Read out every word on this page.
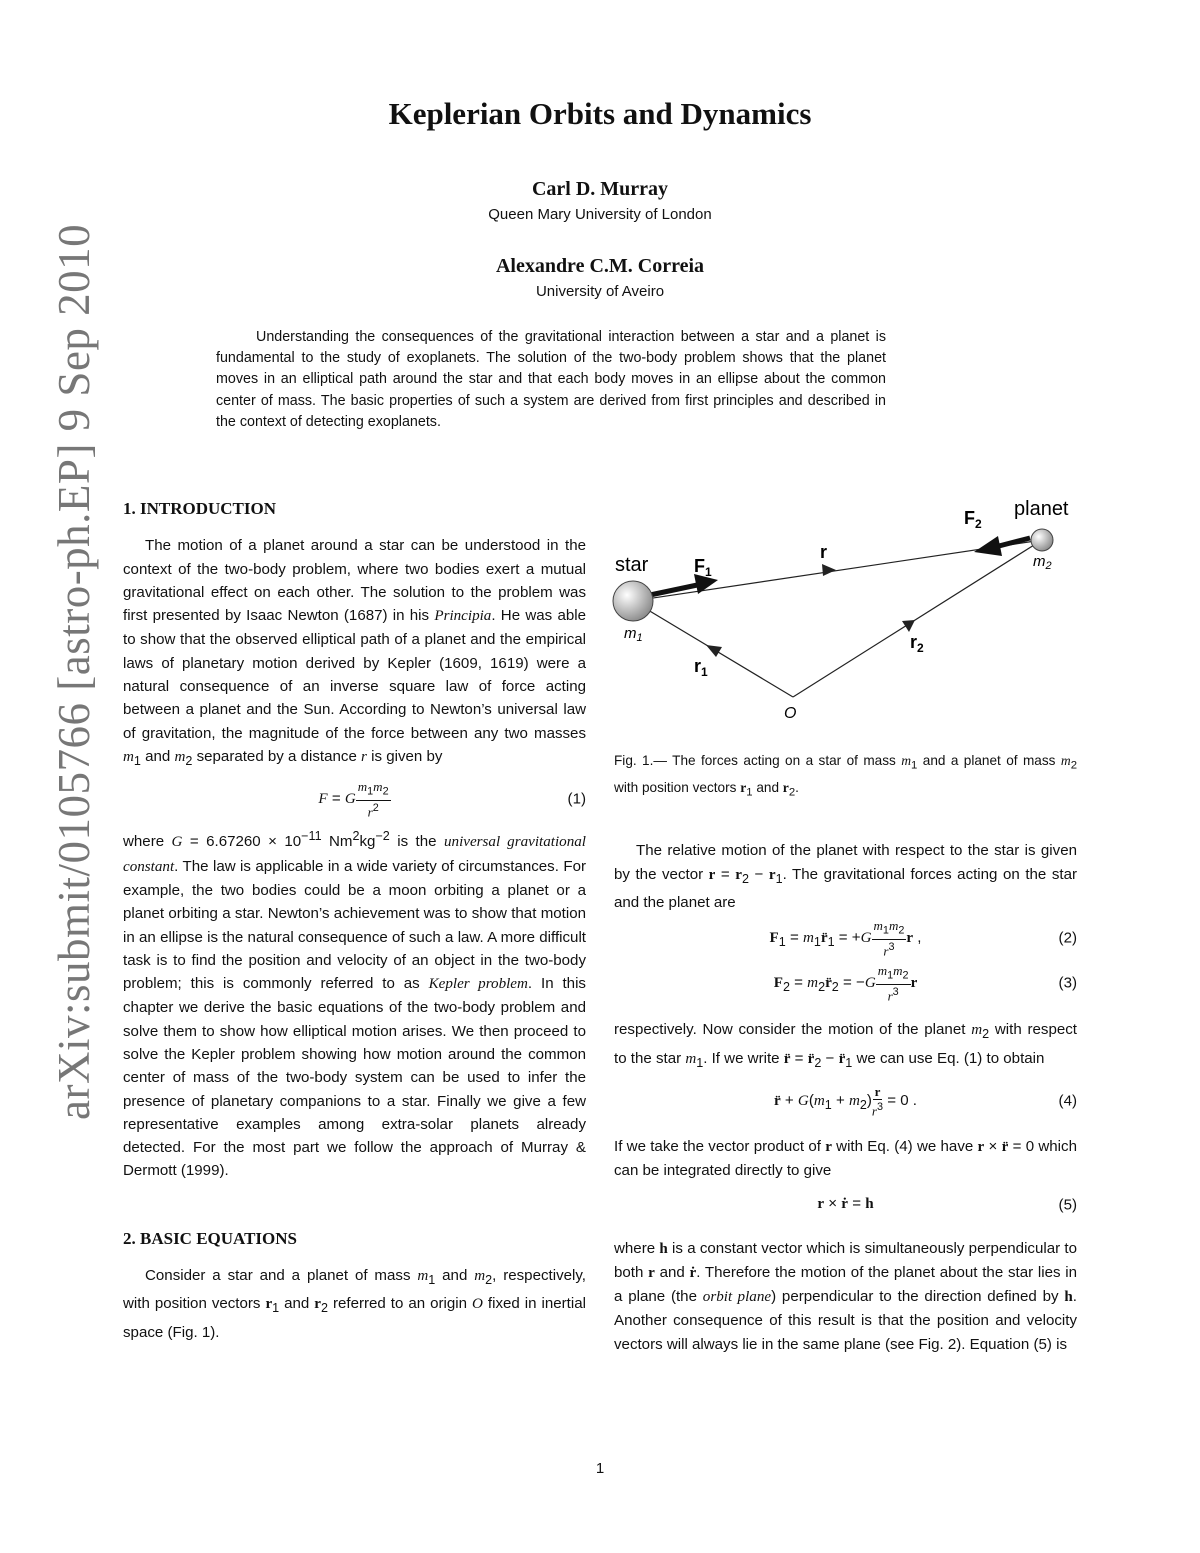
arXiv:submit/0105766 [astro-ph.EP] 9 Sep 2010
Keplerian Orbits and Dynamics
Carl D. Murray
Queen Mary University of London
Alexandre C.M. Correia
University of Aveiro
Understanding the consequences of the gravitational interaction between a star and a planet is fundamental to the study of exoplanets. The solution of the two-body problem shows that the planet moves in an elliptical path around the star and that each body moves in an ellipse about the common center of mass. The basic properties of such a system are derived from first principles and described in the context of detecting exoplanets.
1. INTRODUCTION

The motion of a planet around a star can be understood in the context of the two-body problem, where two bodies exert a mutual gravitational effect on each other. The solution to the problem was first presented by Isaac Newton (1687) in his Principia. He was able to show that the observed elliptical path of a planet and the empirical laws of planetary motion derived by Kepler (1609, 1619) were a natural consequence of an inverse square law of force acting between a planet and the Sun. According to Newton’s universal law of gravitation, the magnitude of the force between any two masses $m_1$ and $m_2$ separated by a distance r is given by

F = G $\frac{m_1m_2}{r^2}$	(1)

where $G = 6.67260 \times 10^{-11}$ $Nm^2kg^{-2}$ is the universal gravitational constant. The law is applicable in a wide variety of circumstances. For example, the two bodies could be a moon orbiting a planet or a planet orbiting a star. Newton’s achievement was to show that motion in an ellipse is the natural consequence of such a law. A more difficult task is to find the position and velocity of an object in the two-body problem; this is commonly referred to as Kepler problem. In this chapter we derive the basic equations of the two-body problem and solve them to show how elliptical motion arises. We then proceed to solve the Kepler problem showing how motion around the common center of mass of the two-body system can be used to infer the presence of planetary companions to a star. Finally we give a few representative examples among extra-solar planets already detected. For the most part we follow the approach of Murray & Dermott (1999).

2. BASIC EQUATIONS

Consider a star and a planet of mass $m_1$ and $m_2$, respectively, with position vectors $r_1$ and $r_2$ referred to an origin O fixed in inertial space (Fig. 1).

star
planet
$F_1$
$F_2$
r
$r_1$
$r_2$
$m_1$
$m_2$
O

Fig. 1.— The forces acting on a star of mass $m_1$ and a planet of mass $m_2$ with position vectors $r_1$ and $r_2$.

The relative motion of the planet with respect to the star is given by the vector $r = r_2 - r_1$. The gravitational forces acting on the star and the planet are

$F_1$ = $m_1r̈_1 = +G \frac{m_1m_2}{r^3}$ r ,	(2)
$F_2$ = $m_2r̈_2 = -G \frac{m_1m_2}{r^3}$ r	(3)

respectively. Now consider the motion of the planet $m_2$ with respect to the star $m_1$. If we write r̈ = $r̈_2$ − $r̈_1$ we can use Eq. (1) to obtain

r̈ + $G(m_1 + m_2) \frac{r}{r^3} = 0$ .	(4)

If we take the vector product of r with Eq. (4) we have r × r̈ = 0 which can be integrated directly to give

r × ṙ = h	(5)

where h is a constant vector which is simultaneously perpendicular to both r and ṙ. Therefore the motion of the planet about the star lies in a plane (the orbit plane) perpendicular to the direction defined by h. Another consequence of this result is that the position and velocity vectors will always lie in the same plane (see Fig. 2). Equation (5) is

1
